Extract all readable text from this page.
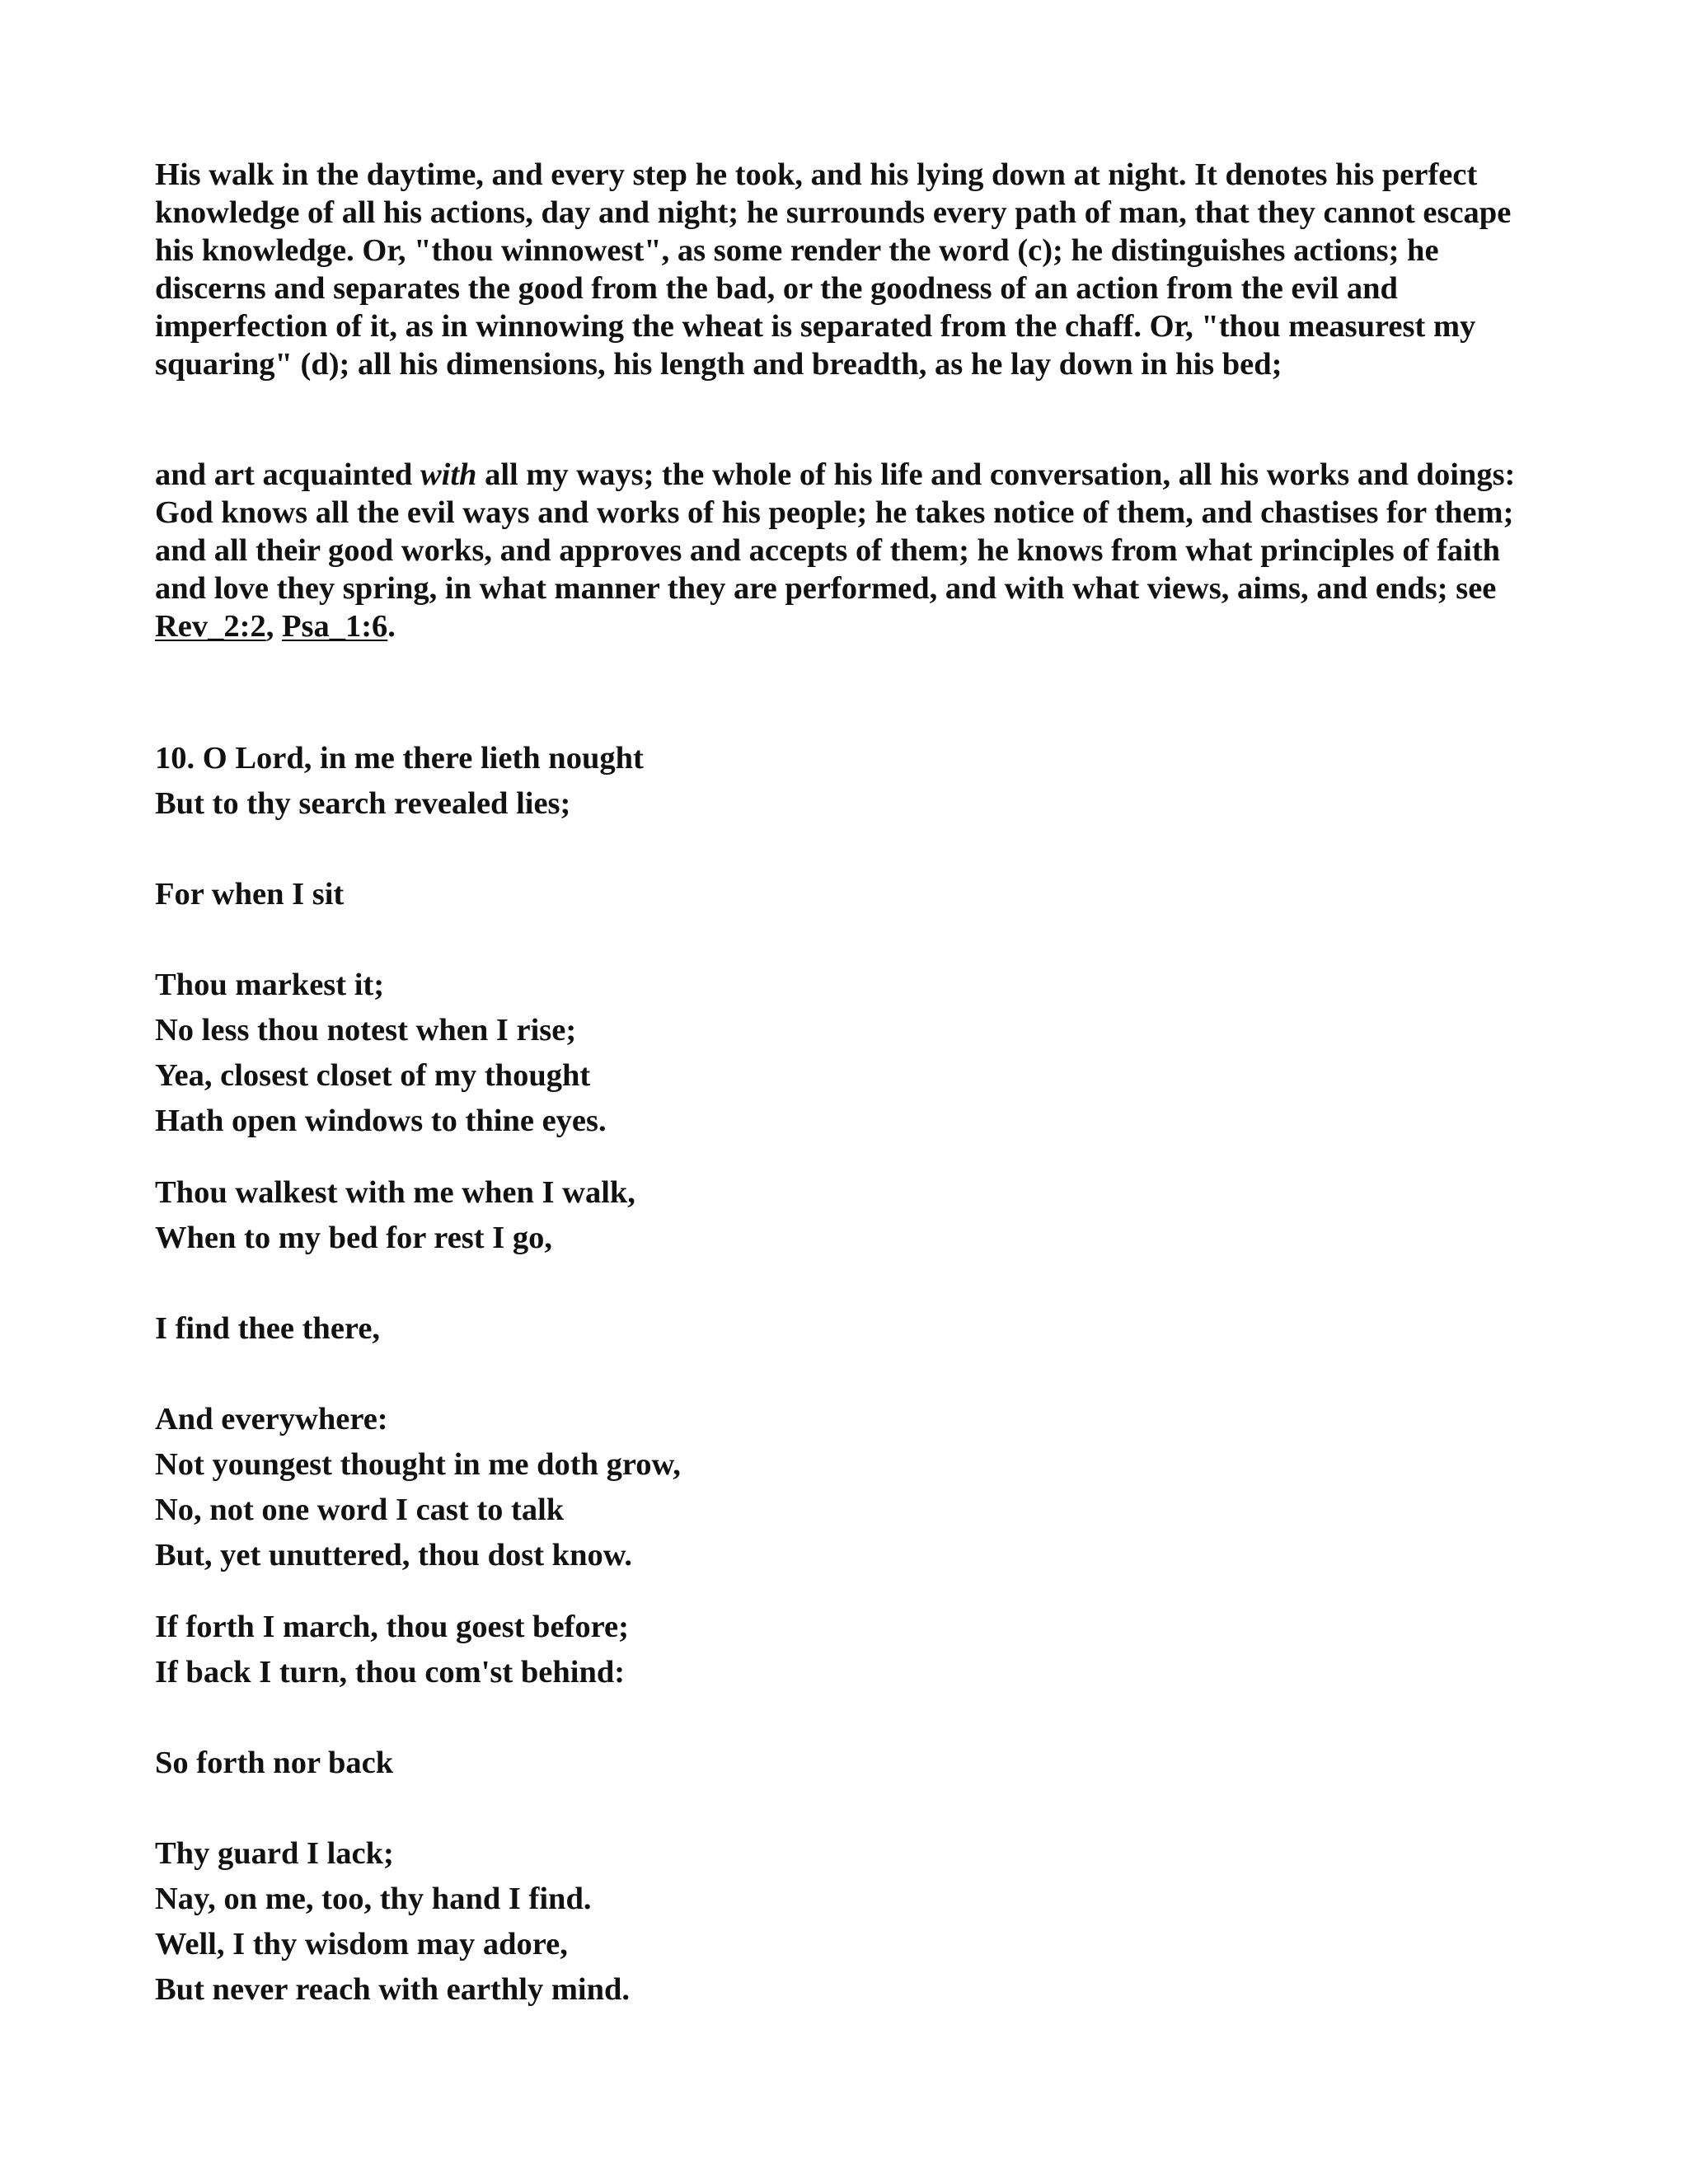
His walk in the daytime, and every step he took, and his lying down at night. It denotes his perfect knowledge of all his actions, day and night; he surrounds every path of man, that they cannot escape his knowledge. Or, "thou winnowest", as some render the word (c); he distinguishes actions; he discerns and separates the good from the bad, or the goodness of an action from the evil and imperfection of it, as in winnowing the wheat is separated from the chaff. Or, "thou measurest my squaring" (d); all his dimensions, his length and breadth, as he lay down in his bed;

and art acquainted with all my ways; the whole of his life and conversation, all his works and doings: God knows all the evil ways and works of his people; he takes notice of them, and chastises for them; and all their good works, and approves and accepts of them; he knows from what principles of faith and love they spring, in what manner they are performed, and with what views, aims, and ends; see Rev_2:2, Psa_1:6.

10. O Lord, in me there lieth nought

But to thy search revealed lies;

For when I sit

Thou markest it;

No less thou notest when I rise;

Yea, closest closet of my thought

Hath open windows to thine eyes.

Thou walkest with me when I walk,

When to my bed for rest I go,

I find thee there,

And everywhere:

Not youngest thought in me doth grow,

No, not one word I cast to talk

But, yet unuttered, thou dost know.

If forth I march, thou goest before;

If back I turn, thou com'st behind:

So forth nor back

Thy guard I lack;

Nay, on me, too, thy hand I find.

Well, I thy wisdom may adore,

But never reach with earthly mind.
